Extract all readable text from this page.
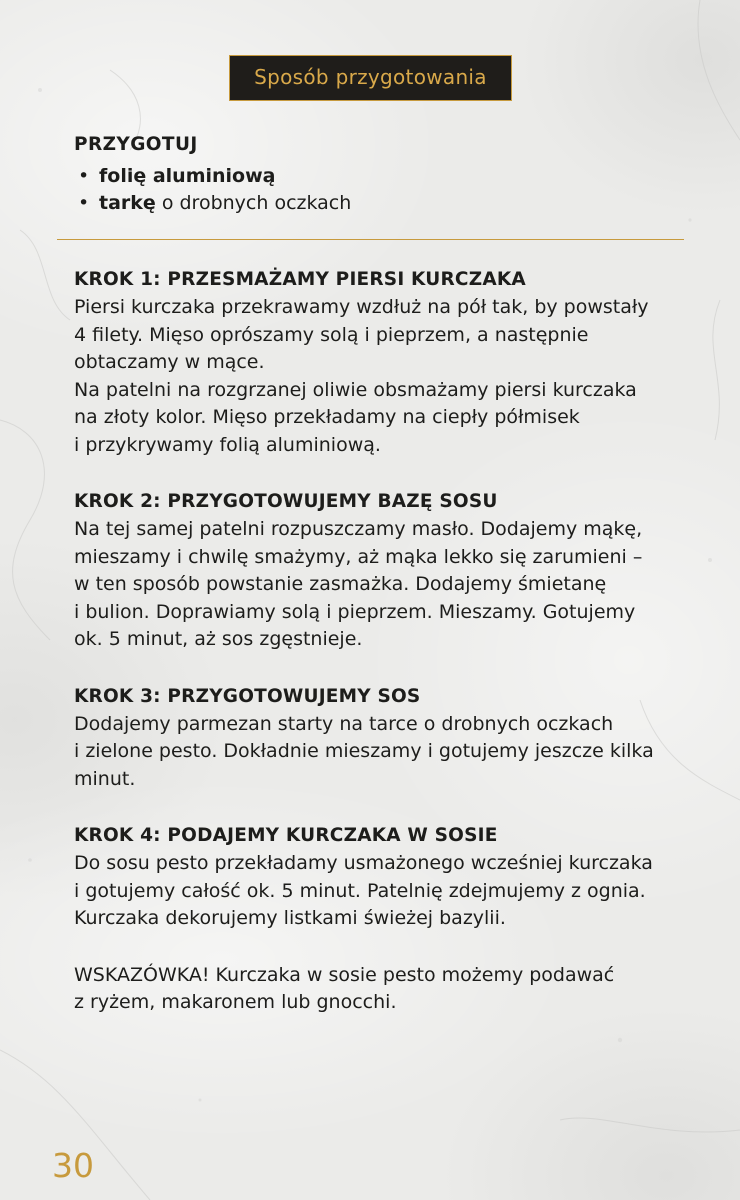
Sposób przygotowania
PRZYGOTUJ
• folię aluminiową
• tarkę o drobnych oczkach
KROK 1: PRZESMAŻAMY PIERSI KURCZAKA
Piersi kurczaka przekrawamy wzdłuż na pół tak, by powstały
4 filety. Mięso oprószamy solą i pieprzem, a następnie
obtaczamy w mące.
Na patelni na rozgrzanej oliwie obsmażamy piersi kurczaka
na złoty kolor. Mięso przekładamy na ciepły półmisek
i przykrywamy folią aluminiową.
KROK 2: PRZYGOTOWUJEMY BAZĘ SOSU
Na tej samej patelni rozpuszczamy masło. Dodajemy mąkę,
mieszamy i chwilę smażymy, aż mąka lekko się zarumieni –
w ten sposób powstanie zasmażka. Dodajemy śmietanę
i bulion. Doprawiamy solą i pieprzem. Mieszamy. Gotujemy
ok. 5 minut, aż sos zgęstnieje.
KROK 3: PRZYGOTOWUJEMY SOS
Dodajemy parmezan starty na tarce o drobnych oczkach
i zielone pesto. Dokładnie mieszamy i gotujemy jeszcze kilka
minut.
KROK 4: PODAJEMY KURCZAKA W SOSIE
Do sosu pesto przekładamy usmażonego wcześniej kurczaka
i gotujemy całość ok. 5 minut. Patelnię zdejmujemy z ognia.
Kurczaka dekorujemy listkami świeżej bazylii.
WSKAZÓWKA! Kurczaka w sosie pesto możemy podawać
z ryżem, makaronem lub gnocchi.
30
